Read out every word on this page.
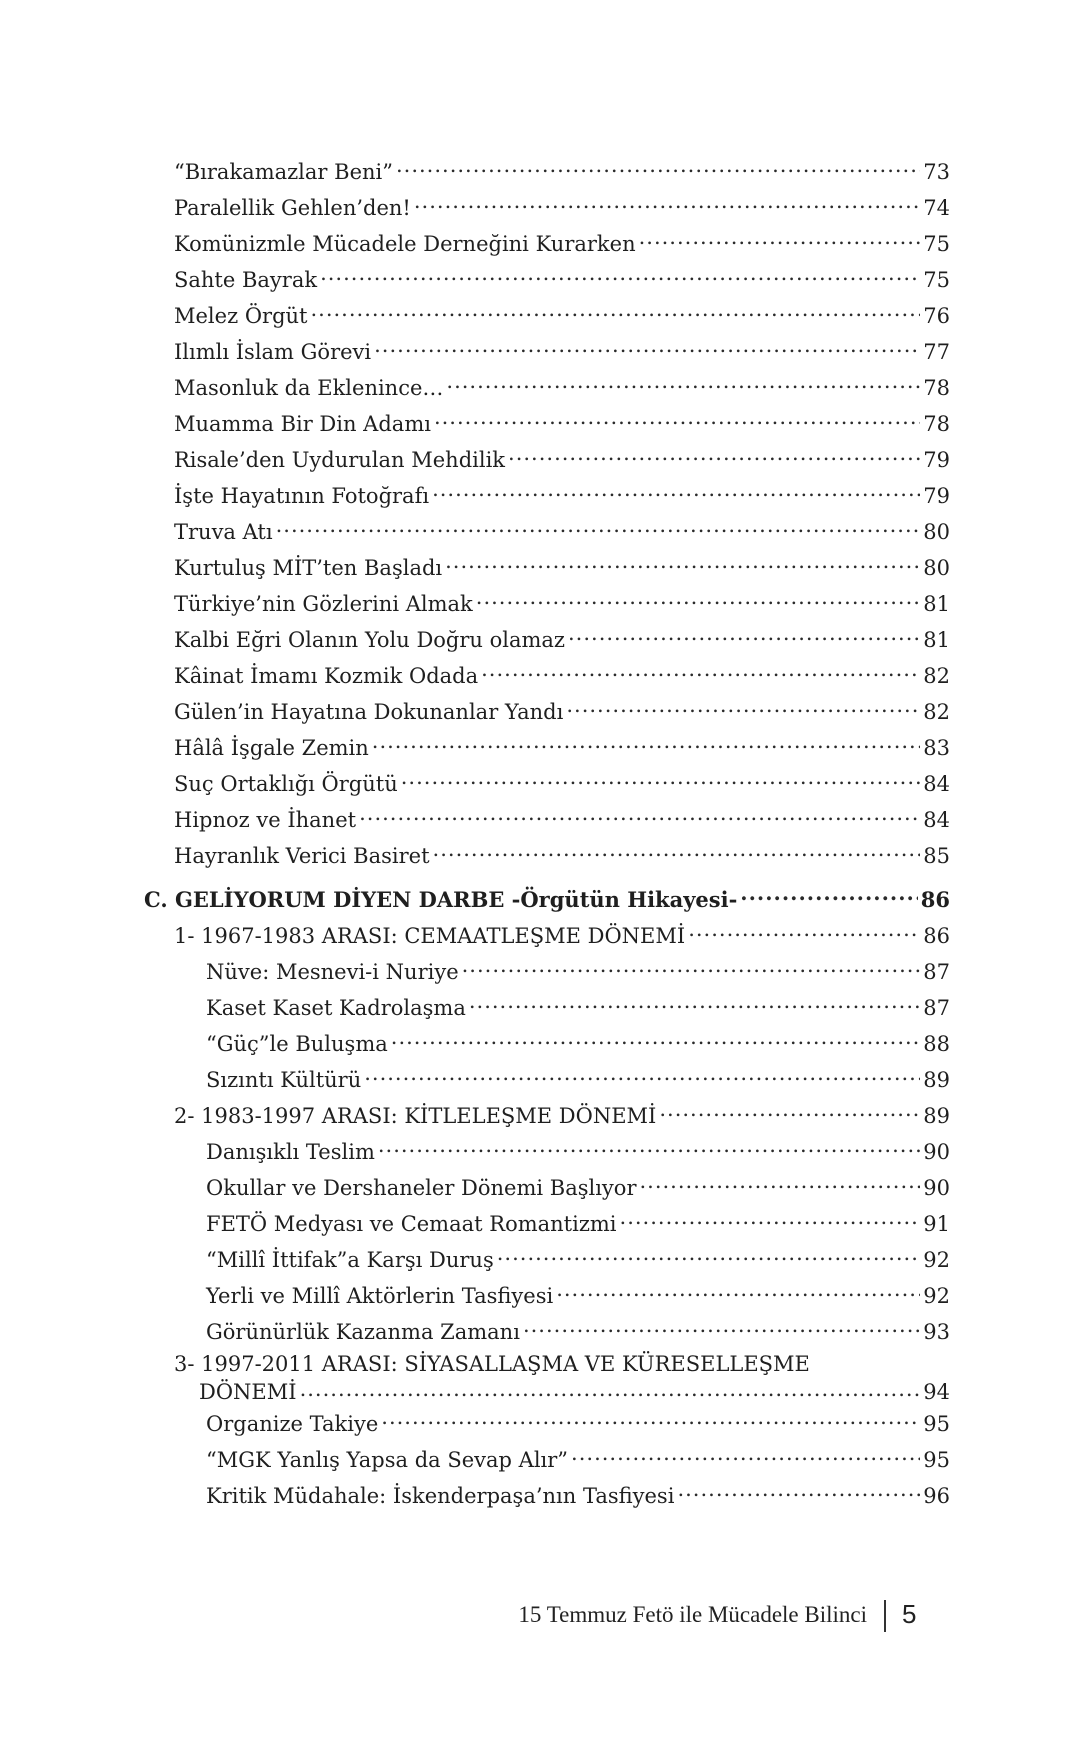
“Bırakamazlar Beni” .....	73
Paralellik Gehlen’den! .....	74
Komünizmle Mücadele Derneğini Kurarken .....	75
Sahte Bayrak .....	75
Melez Örgüt .....	76
Ilımlı İslam Görevi .....	77
Masonluk da Eklenince… .....	78
Muamma Bir Din Adamı .....	78
Risale’den Uydurulan Mehdilik .....	79
İşte Hayatının Fotoğrafı .....	79
Truva Atı .....	80
Kurtuluş MİT’ten Başladı .....	80
Türkiye’nin Gözlerini Almak .....	81
Kalbi Eğri Olanın Yolu Doğru olamaz .....	81
Kâinat İmamı Kozmik Odada .....	82
Gülen’in Hayatına Dokunanlar Yandı .....	82
Hâlâ İşgale Zemin .....	83
Suç Ortaklığı Örgütü .....	84
Hipnoz ve İhanet .....	84
Hayranlık Verici Basiret .....	85
C. GELİYORUM DİYEN DARBE -Örgütün Hikayesi- .....	86
1- 1967-1983 ARASI: CEMAATLEŞME DÖNEMİ .....	86
Nüve: Mesnevi-i Nuriye .....	87
Kaset Kaset Kadrolaşma .....	87
“Güç”le Buluşma .....	88
Sızıntı Kültürü .....	89
2- 1983-1997 ARASI: KİTLELEŞME DÖNEMİ .....	89
Danışıklı Teslim .....	90
Okullar ve Dershaneler Dönemi Başlıyor .....	90
FETÖ Medyası ve Cemaat Romantizmi .....	91
“Millî İttifak”a Karşı Duruş .....	92
Yerli ve Millî Aktörlerin Tasfiyesi .....	92
Görünürlük Kazanma Zamanı .....	93
3- 1997-2011 ARASI: SİYASALLAŞMA VE KÜRESELLEŞME
DÖNEMİ .....	94
Organize Takiye .....	95
“MGK Yanlış Yapsa da Sevap Alır” .....	95
Kritik Müdahale: İskenderpaşa’nın Tasfiyesi .....	96
15 Temmuz Fetö ile Mücadele Bilinci 5
